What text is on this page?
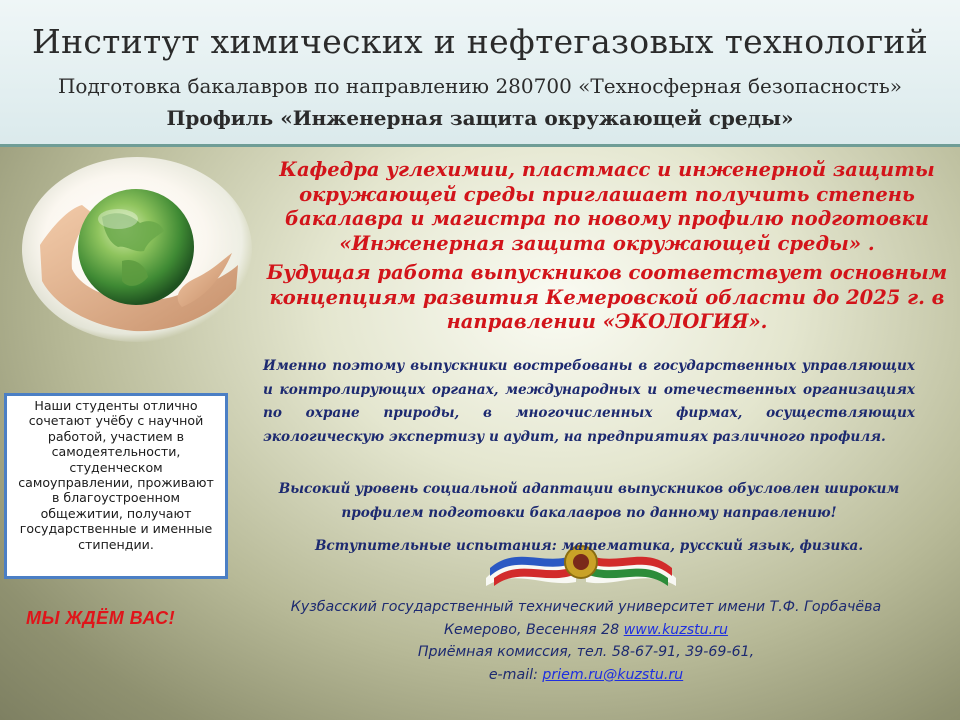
Институт химических и нефтегазовых технологий
Подготовка бакалавров по направлению 280700 «Техносферная безопасность»
Профиль «Инженерная защита окружающей среды»

Кафедра углехимии, пластмасс и инженерной защиты окружающей среды приглашает получить степень бакалавра и магистра по новому профилю подготовки «Инженерная защита окружающей среды» .

Будущая работа выпускников соответствует основным концепциям развития Кемеровской области до 2025 г. в направлении «ЭКОЛОГИЯ».

Именно поэтому выпускники востребованы в государственных управляющих и контролирующих органах, международных и отечественных организациях по охране природы, в многочисленных фирмах, осуществляющих экологическую экспертизу и аудит, на предприятиях различного профиля.

Высокий уровень социальной адаптации выпускников обусловлен широким профилем подготовки бакалавров по данному направлению!
Вступительные испытания: математика, русский язык, физика.
Наши студенты отлично сочетают учёбу с научной работой, участием в самодеятельности, студенческом самоуправлении, проживают в благоустроенном общежитии, получают государственные и именные стипендии.
МЫ ЖДЁМ ВАС!

Кузбасский государственный технический университет имени Т.Ф. Горбачёва

Кемерово, Весенняя 28 www.kuzstu.ru

Приёмная комиссия, тел. 58-67-91, 39-69-61,

e-mail: priem.ru@kuzstu.ru
